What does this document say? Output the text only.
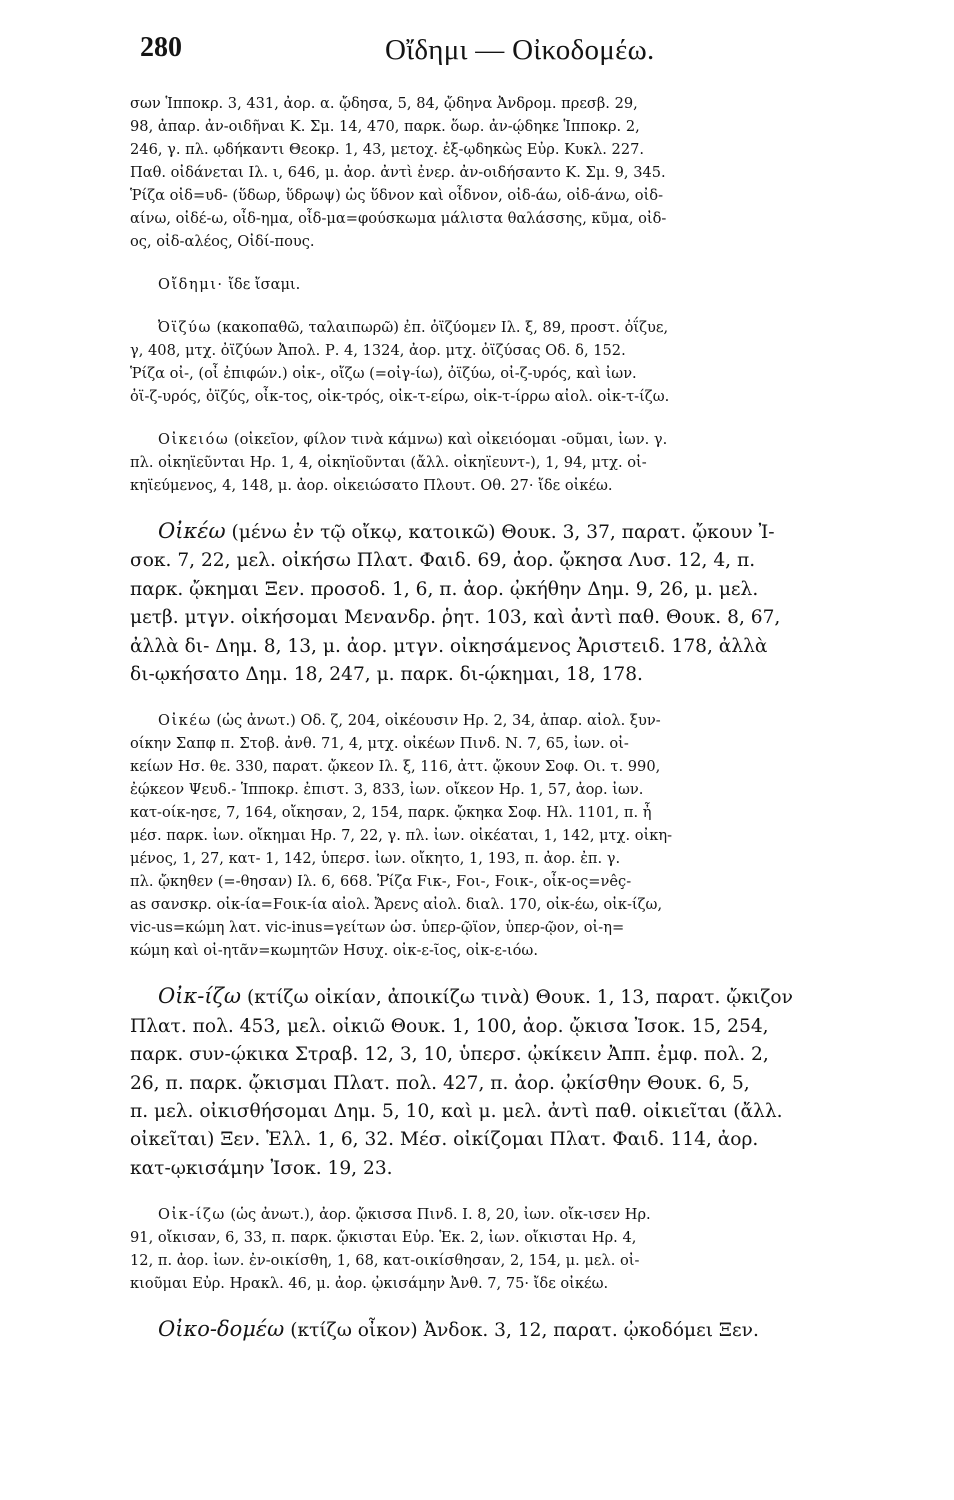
280	Οἴδημι — Οἰκοδομέω.
σων Ἱπποκρ. 3, 431, ἀορ. α. ᾤδησα, 5, 84, ᾤδηνα Ἀνδρομ. πρεσβ. 29,
98, ἀπαρ. ἀν-οιδῆναι Κ. Σμ. 14, 470, παρκ. ὅωρ. ἀν-ῴδηκε Ἱπποκρ. 2,
246, γ. πλ. ῳδήκαντι Θεοκρ. 1, 43, μετοχ. ἐξ-ῳδηκὼς Εὐρ. Κυκλ. 227.
Παθ. οἰδάνεται Ιλ. ι, 646, μ. ἀορ. ἀντὶ ἐνερ. ἀν-οιδήσαντο Κ. Σμ. 9, 345.
Ῥίζα οἰδ=υδ- (ὕδωρ, ὕδρωψ) ὡς ὕδνον καὶ οἶδνον, οἰδ-άω, οἰδ-άνω, οἰδ-
αίνω, οἰδέ-ω, οἶδ-ημα, οἶδ-μα=φούσκωμα μάλιστα θαλάσσης, κῦμα, οἰδ-
ος, οἰδ-αλέος, Οἰδί-πους.
Οἴδημι· ἴδε ἴσαμι.
Ὀϊζύω (κακοπαθῶ, ταλαιπωρῶ) ἐπ. ὀϊζύομεν Ιλ. ξ, 89, προστ. ὀΐζυε,
γ, 408, μτχ. ὀϊζύων Ἀπολ. Ρ. 4, 1324, ἀορ. μτχ. ὀϊζύσας Οδ. δ, 152.
Ῥίζα οἰ-, (οἶ ἐπιφών.) οἰκ-, οἴζω (=οἰγ-ίω), ὀϊζύω, οἰ-ζ-υρός, καὶ ἰων.
ὀϊ-ζ-υρός, ὀϊζύς, οἶκ-τος, οἰκ-τρός, οἰκ-τ-είρω, οἰκ-τ-ίρρω αἰολ. οἰκ-τ-ίζω.
Οἰκειόω (οἰκεῖον, φίλον τινὰ κάμνω) καὶ οἰκειόομαι -οῦμαι, ἰων. γ.
πλ. οἰκηϊεῦνται Ηρ. 1, 4, οἰκηϊοῦνται (ἄλλ. οἰκηϊευντ-), 1, 94, μτχ. οἰ-
κηϊεύμενος, 4, 148, μ. ἀορ. οἰκειώσατο Πλουτ. Οθ. 27· ἴδε οἰκέω.
Οἰκέω (μένω ἐν τῷ οἴκῳ, κατοικῶ) Θουκ. 3, 37, παρατ. ᾤκουν Ἰ-
σοκ. 7, 22, μελ. οἰκήσω Πλατ. Φαιδ. 69, ἀορ. ᾤκησα Λυσ. 12, 4, π.
παρκ. ᾤκημαι Ξεν. προσοδ. 1, 6, π. ἀορ. ᾠκήθην Δημ. 9, 26, μ. μελ.
μετβ. μτγν. οἰκήσομαι Μενανδρ. ῥητ. 103, καὶ ἀντὶ παθ. Θουκ. 8, 67,
ἀλλὰ δι- Δημ. 8, 13, μ. ἀορ. μτγν. οἰκησάμενος Ἀριστειδ. 178, ἀλλὰ
δι-ῳκήσατο Δημ. 18, 247, μ. παρκ. δι-ῴκημαι, 18, 178.
Οἰκέω (ὡς ἀνωτ.) Οδ. ζ, 204, οἰκέουσιν Ηρ. 2, 34, ἀπαρ. αἰολ. ξυν-
οίκην Σαπφ π. Στοβ. ἀνθ. 71, 4, μτχ. οἰκέων Πινδ. Ν. 7, 65, ἰων. οἰ-
κείων Ησ. θε. 330, παρατ. ᾤκεον Ιλ. ξ, 116, ἀττ. ᾤκουν Σοφ. Οι. τ. 990,
ἐῴκεον Ψευδ.- Ἱπποκρ. ἐπιστ. 3, 833, ἰων. οἴκεον Ηρ. 1, 57, ἀορ. ἰων.
κατ-οίκ-ησε, 7, 164, οἴκησαν, 2, 154, παρκ. ᾤκηκα Σοφ. Ηλ. 1101, π. ἦ
μέσ. παρκ. ἰων. οἴκημαι Ηρ. 7, 22, γ. πλ. ἰων. οἰκέαται, 1, 142, μτχ. οἰκη-
μένος, 1, 27, κατ- 1, 142, ὑπερσ. ἰων. οἴκητο, 1, 193, π. ἀορ. ἐπ. γ.
πλ. ᾤκηθεν (=-θησαν) Ιλ. 6, 668. Ῥίζα Fικ-, Fοι-, Fοικ-, οἶκ-ος=νêç-
as σανσκρ. οἰκ-ία=Fοικ-ία αἰολ. Ἄρενς αἰολ. διαλ. 170, οἰκ-έω, οἰκ-ίζω,
vic-us=κώμη λατ. vic-inus=γείτων ὡσ. ὑπερ-ῷϊον, ὑπερ-ῷον, οἰ-η=
κώμη καὶ οἰ-ητᾶν=κωμητῶν Ησυχ. οἰκ-ε-ῖος, οἰκ-ε-ιόω.
Οἰκ-ίζω (κτίζω οἰκίαν, ἀποικίζω τινὰ) Θουκ. 1, 13, παρατ. ᾤκιζον
Πλατ. πολ. 453, μελ. οἰκιῶ Θουκ. 1, 100, ἀορ. ᾤκισα Ἰσοκ. 15, 254,
παρκ. συν-ῴκικα Στραβ. 12, 3, 10, ὑπερσ. ᾠκίκειν Ἀππ. ἐμφ. πολ. 2,
26, π. παρκ. ᾤκισμαι Πλατ. πολ. 427, π. ἀορ. ᾠκίσθην Θουκ. 6, 5,
π. μελ. οἰκισθήσομαι Δημ. 5, 10, καὶ μ. μελ. ἀντὶ παθ. οἰκιεῖται (ἄλλ.
οἰκεῖται) Ξεν. Ἑλλ. 1, 6, 32. Μέσ. οἰκίζομαι Πλατ. Φαιδ. 114, ἀορ.
κατ-ῳκισάμην Ἰσοκ. 19, 23.
Οἰκ-ίζω (ὡς ἀνωτ.), ἀορ. ᾤκισσα Πινδ. Ι. 8, 20, ἰων. οἴκ-ισεν Ηρ.
91, οἴκισαν, 6, 33, π. παρκ. ᾤκισται Εὐρ. Ἑκ. 2, ἰων. οἴκισται Ηρ. 4,
12, π. ἀορ. ἰων. ἐν-οικίσθη, 1, 68, κατ-οικίσθησαν, 2, 154, μ. μελ. οἰ-
κιοῦμαι Εὐρ. Ηρακλ. 46, μ. ἀορ. ᾠκισάμην Ἀνθ. 7, 75· ἴδε οἰκέω.
Οἰκο-δομέω (κτίζω οἶκον) Ἀνδοκ. 3, 12, παρατ. ᾠκοδόμει Ξεν.
